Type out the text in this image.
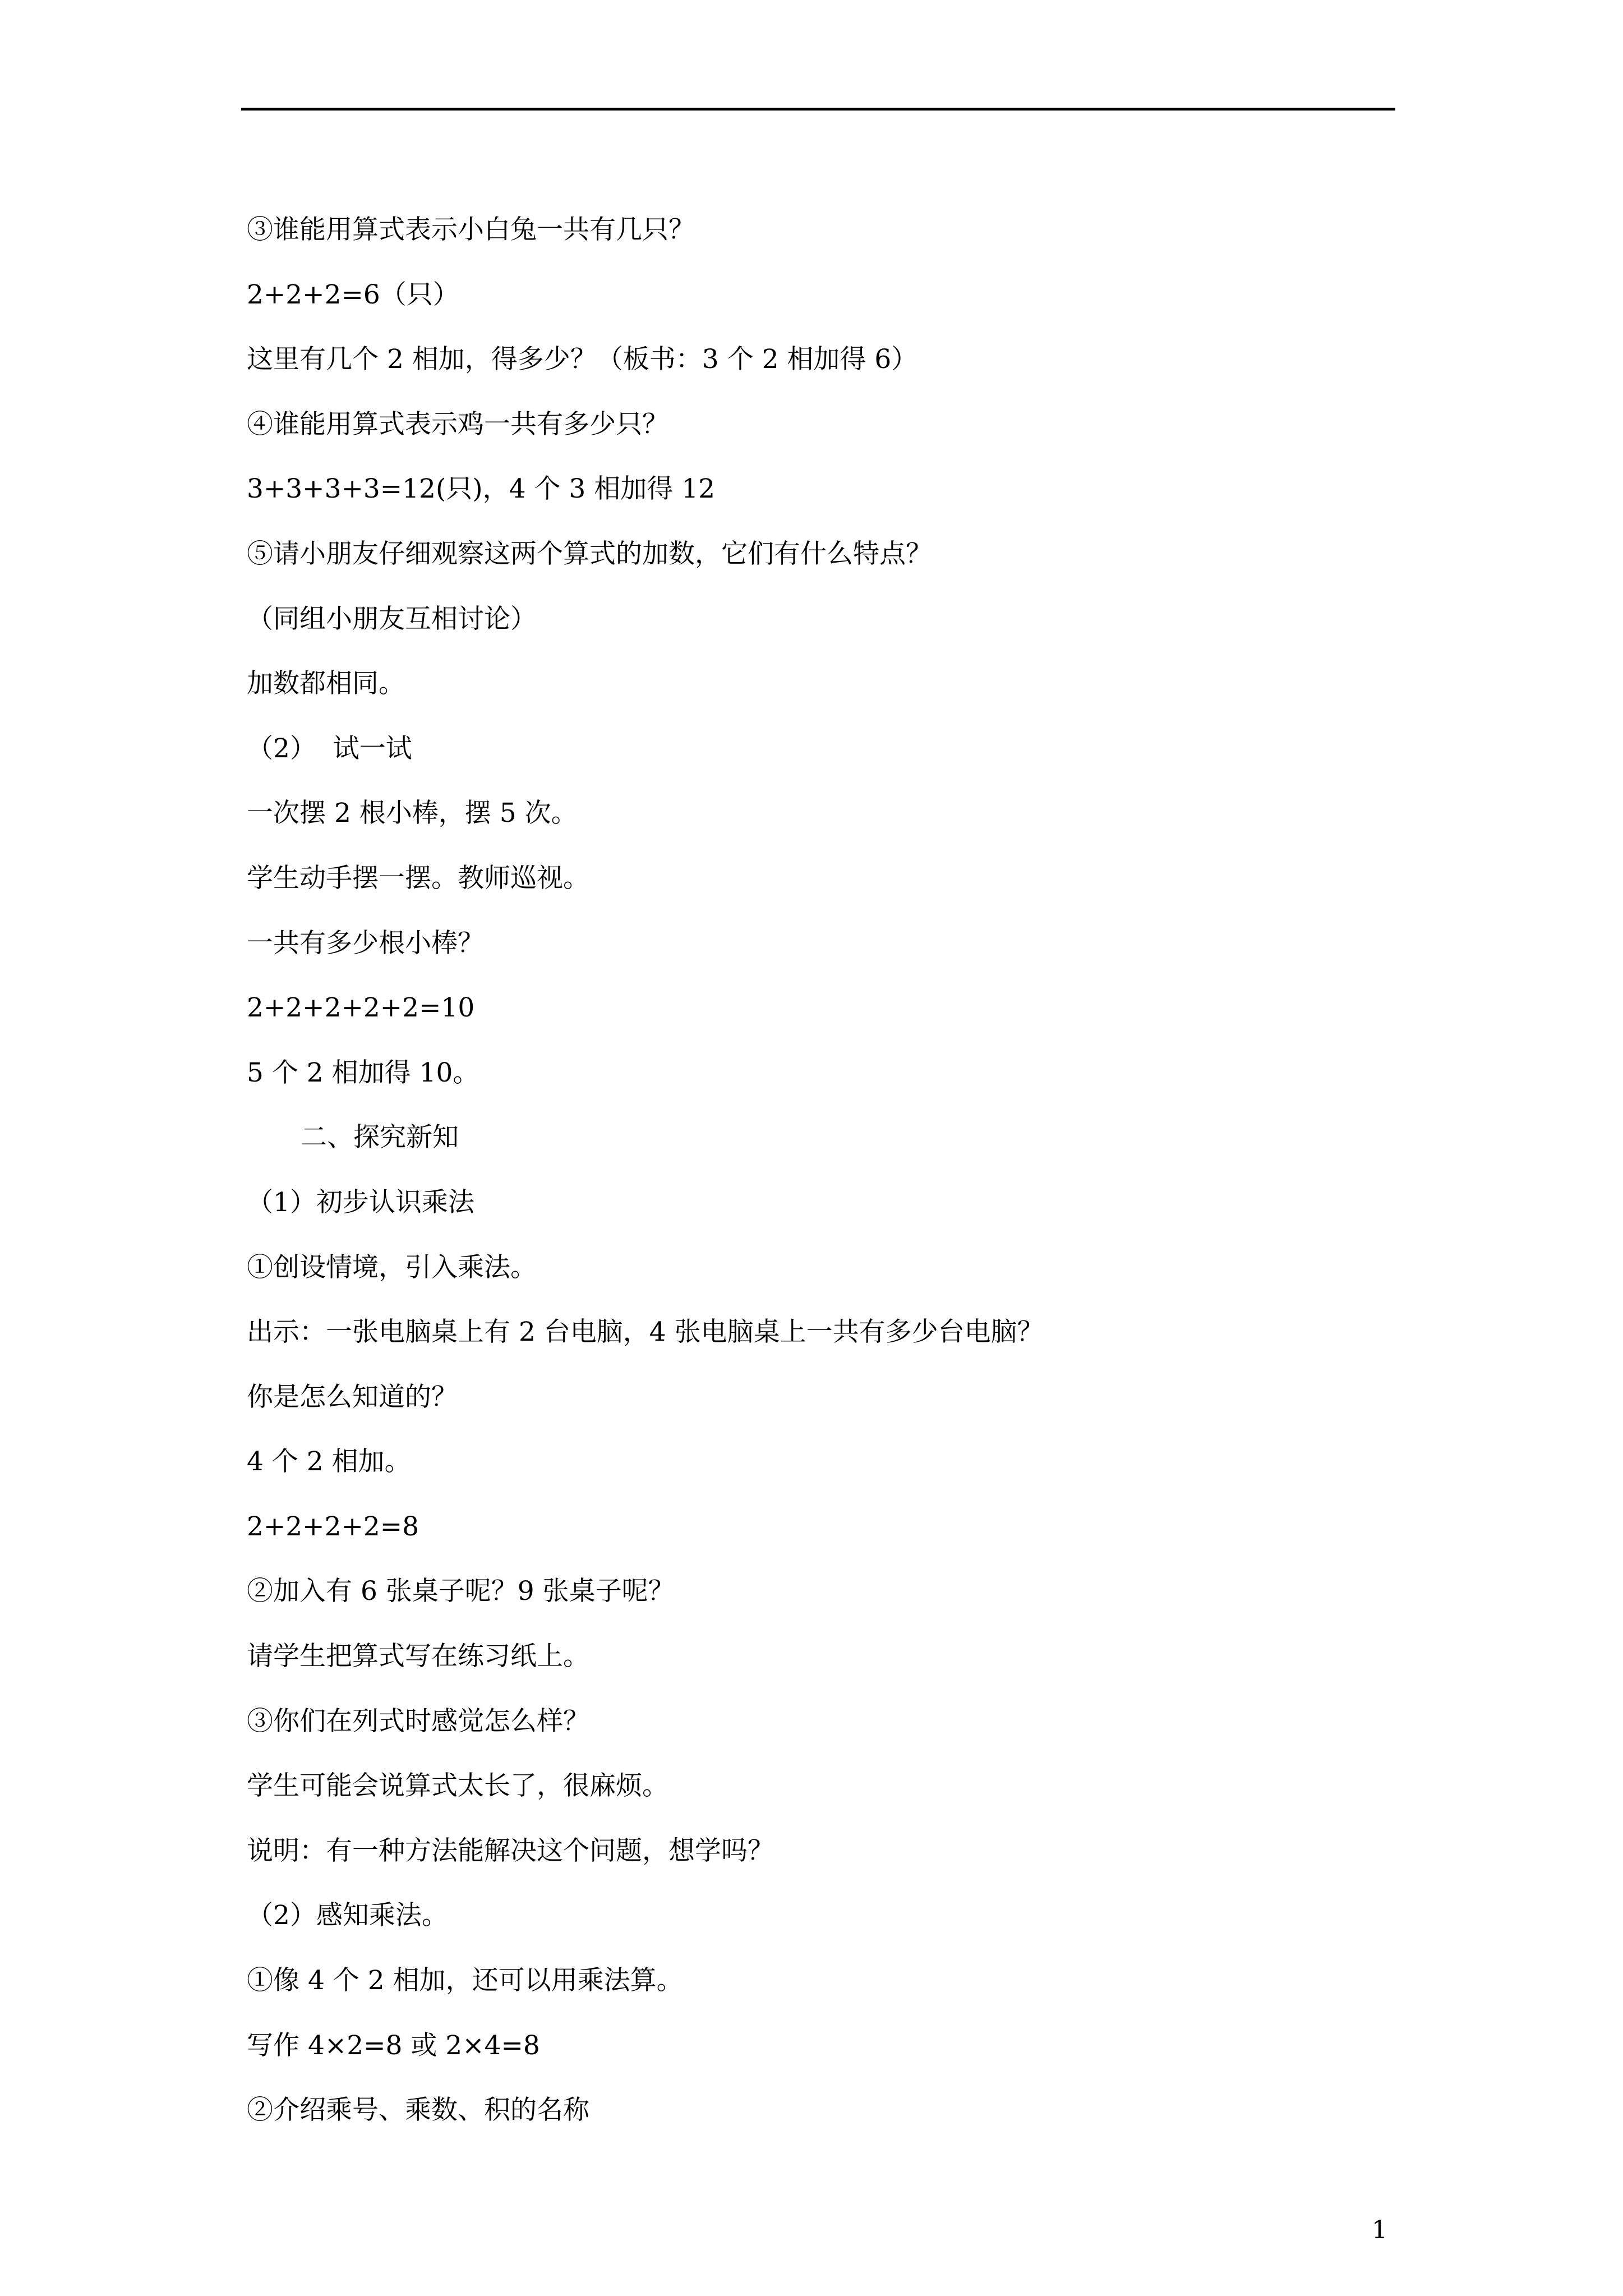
③谁能用算式表示小白兔一共有几只？
2+2+2=6（只）
这里有几个 2 相加，得多少？（板书：3 个 2 相加得 6）
④谁能用算式表示鸡一共有多少只？
3+3+3+3=12(只)，4 个 3 相加得 12
⑤请小朋友仔细观察这两个算式的加数，它们有什么特点？
（同组小朋友互相讨论）
加数都相同。
（2）  试一试
一次摆 2 根小棒，摆 5 次。
学生动手摆一摆。教师巡视。
一共有多少根小棒？
2+2+2+2+2=10
5 个 2 相加得 10。
二、探究新知
（1）初步认识乘法
①创设情境，引入乘法。
出示：一张电脑桌上有 2 台电脑，4 张电脑桌上一共有多少台电脑？
你是怎么知道的？
4 个 2 相加。
2+2+2+2=8
②加入有 6 张桌子呢？9 张桌子呢？
请学生把算式写在练习纸上。
③你们在列式时感觉怎么样？
学生可能会说算式太长了，很麻烦。
说明：有一种方法能解决这个问题，想学吗？
（2）感知乘法。
①像 4 个 2 相加，还可以用乘法算。
写作 4×2=8 或 2×4=8
②介绍乘号、乘数、积的名称
1
